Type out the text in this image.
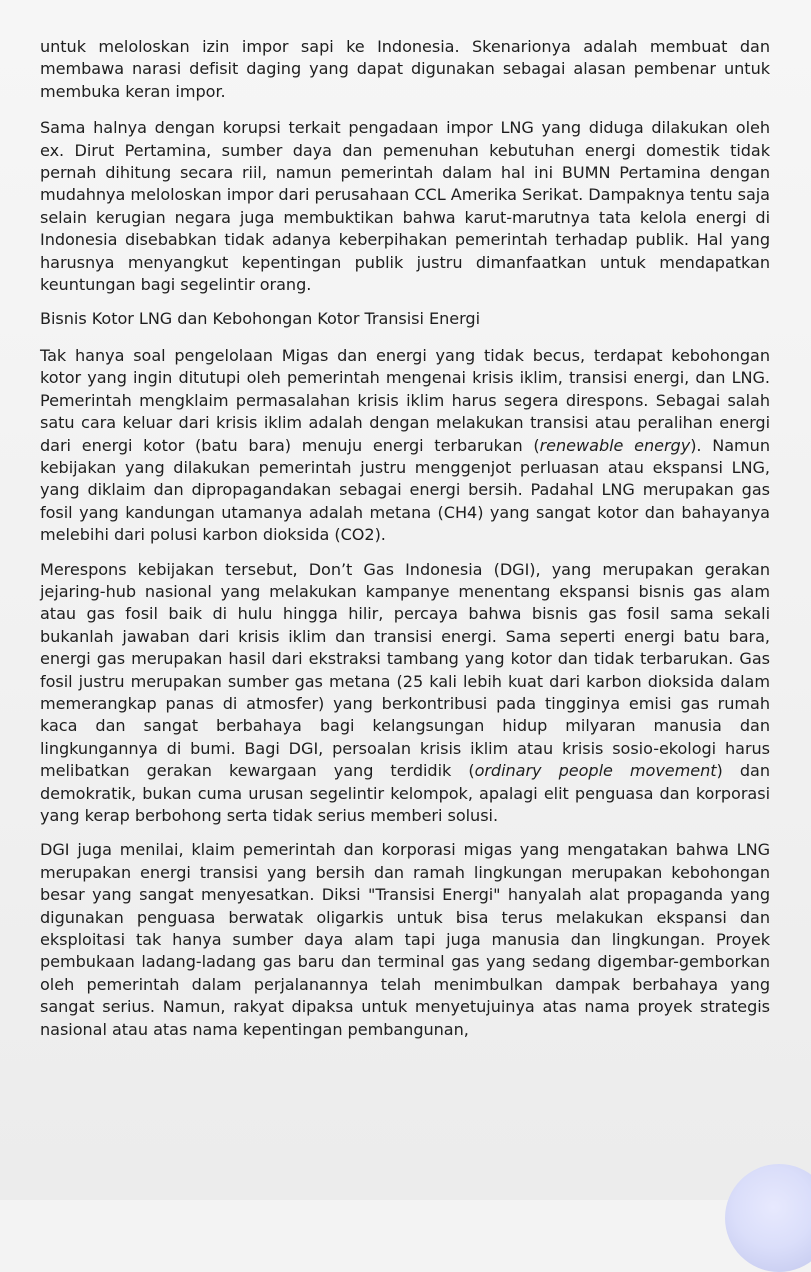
untuk meloloskan izin impor sapi ke Indonesia. Skenarionya adalah membuat dan membawa narasi defisit daging yang dapat digunakan sebagai alasan pembenar untuk membuka keran impor.

Sama halnya dengan korupsi terkait pengadaan impor LNG yang diduga dilakukan oleh ex. Dirut Pertamina, sumber daya dan pemenuhan kebutuhan energi domestik tidak pernah dihitung secara riil, namun pemerintah dalam hal ini BUMN Pertamina dengan mudahnya meloloskan impor dari perusahaan CCL Amerika Serikat. Dampaknya tentu saja selain kerugian negara juga membuktikan bahwa karut-marutnya tata kelola energi di Indonesia disebabkan tidak adanya keberpihakan pemerintah terhadap publik. Hal yang harusnya menyangkut kepentingan publik justru dimanfaatkan untuk mendapatkan keuntungan bagi segelintir orang.

Bisnis Kotor LNG dan Kebohongan Kotor Transisi Energi

Tak hanya soal pengelolaan Migas dan energi yang tidak becus, terdapat kebohongan kotor yang ingin ditutupi oleh pemerintah mengenai krisis iklim, transisi energi, dan LNG. Pemerintah mengklaim permasalahan krisis iklim harus segera direspons. Sebagai salah satu cara keluar dari krisis iklim adalah dengan melakukan transisi atau peralihan energi dari energi kotor (batu bara) menuju energi terbarukan (renewable energy). Namun kebijakan yang dilakukan pemerintah justru menggenjot perluasan atau ekspansi LNG, yang diklaim dan dipropagandakan sebagai energi bersih. Padahal LNG merupakan gas fosil yang kandungan utamanya adalah metana (CH4) yang sangat kotor dan bahayanya melebihi dari polusi karbon dioksida (CO2).

Merespons kebijakan tersebut, Don’t Gas Indonesia (DGI), yang merupakan gerakan jejaring-hub nasional yang melakukan kampanye menentang ekspansi bisnis gas alam atau gas fosil baik di hulu hingga hilir, percaya bahwa bisnis gas fosil sama sekali bukanlah jawaban dari krisis iklim dan transisi energi. Sama seperti energi batu bara, energi gas merupakan hasil dari ekstraksi tambang yang kotor dan tidak terbarukan. Gas fosil justru merupakan sumber gas metana (25 kali lebih kuat dari karbon dioksida dalam memerangkap panas di atmosfer) yang berkontribusi pada tingginya emisi gas rumah kaca dan sangat berbahaya bagi kelangsungan hidup milyaran manusia dan lingkungannya di bumi. Bagi DGI, persoalan krisis iklim atau krisis sosio-ekologi harus melibatkan gerakan kewargaan yang terdidik (ordinary people movement) dan demokratik, bukan cuma urusan segelintir kelompok, apalagi elit penguasa dan korporasi yang kerap berbohong serta tidak serius memberi solusi.

DGI juga menilai, klaim pemerintah dan korporasi migas yang mengatakan bahwa LNG merupakan energi transisi yang bersih dan ramah lingkungan merupakan kebohongan besar yang sangat menyesatkan. Diksi "Transisi Energi" hanyalah alat propaganda yang digunakan penguasa berwatak oligarkis untuk bisa terus melakukan ekspansi dan eksploitasi tak hanya sumber daya alam tapi juga manusia dan lingkungan. Proyek pembukaan ladang-ladang gas baru dan terminal gas yang sedang digembar-gemborkan oleh pemerintah dalam perjalanannya telah menimbulkan dampak berbahaya yang sangat serius. Namun, rakyat dipaksa untuk menyetujuinya atas nama proyek strategis nasional atau atas nama kepentingan pembangunan,
